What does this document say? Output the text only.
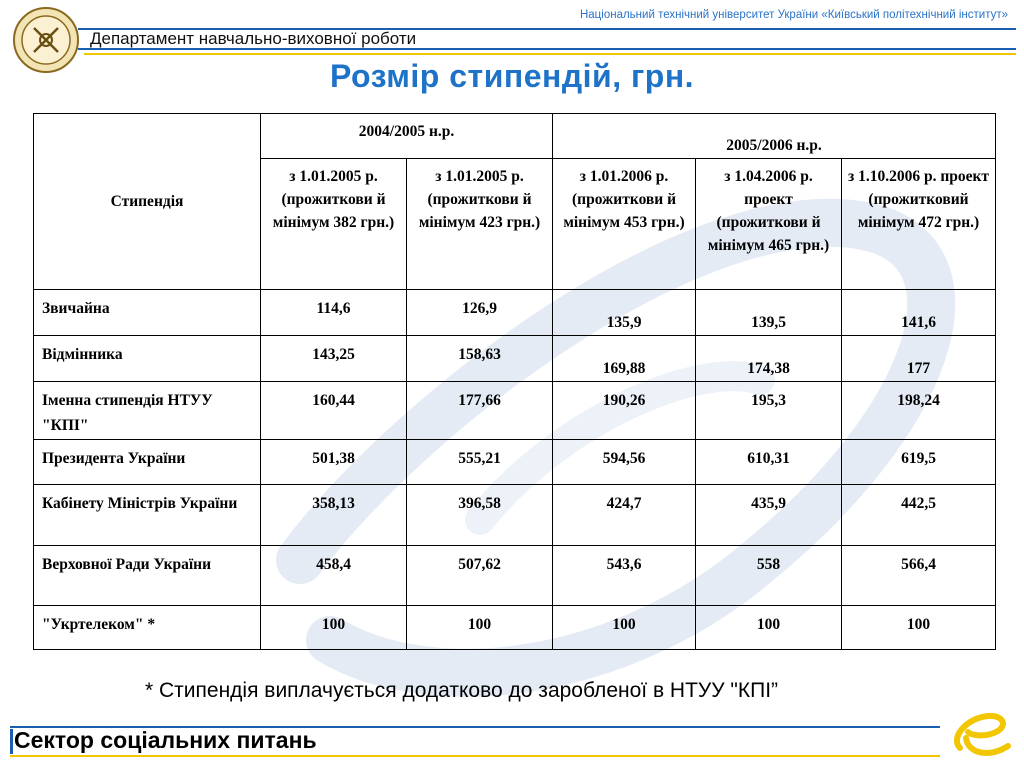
Національний технічний університет України «Київський політехнічний інститут»
Департамент навчально-виховної роботи
Розмір стипендій, грн.
Стипендія	2004/2005 н.р.		2005/2006 н.р.		

	з 1.01.2005 р. (прожиткови й мінімум 382 грн.)	з 1.01.2005 р. (прожиткови й мінімум 423 грн.)	з 1.01.2006 р. (прожиткови й мінімум 453 грн.)	з 1.04.2006 р. проект (прожиткови й мінімум 465 грн.)	з 1.10.2006 р. проект (прожитковий мінімум 472 грн.)

Звичайна	114,6	126,9	135,9	139,5	141,6

Відмінника	143,25	158,63	169,88	174,38	177

Іменна стипендія НТУУ "КПІ"	160,44	177,66	190,26	195,3	198,24

Президента України	501,38	555,21	594,56	610,31	619,5

Кабінету Міністрів України	358,13	396,58	424,7	435,9	442,5

Верховної Ради України	458,4	507,62	543,6	558	566,4

"Укртелеком" *	100	100	100	100	100
* Стипендія виплачується додатково до заробленої в НТУУ "КПІ”
Сектор соціальних питань
